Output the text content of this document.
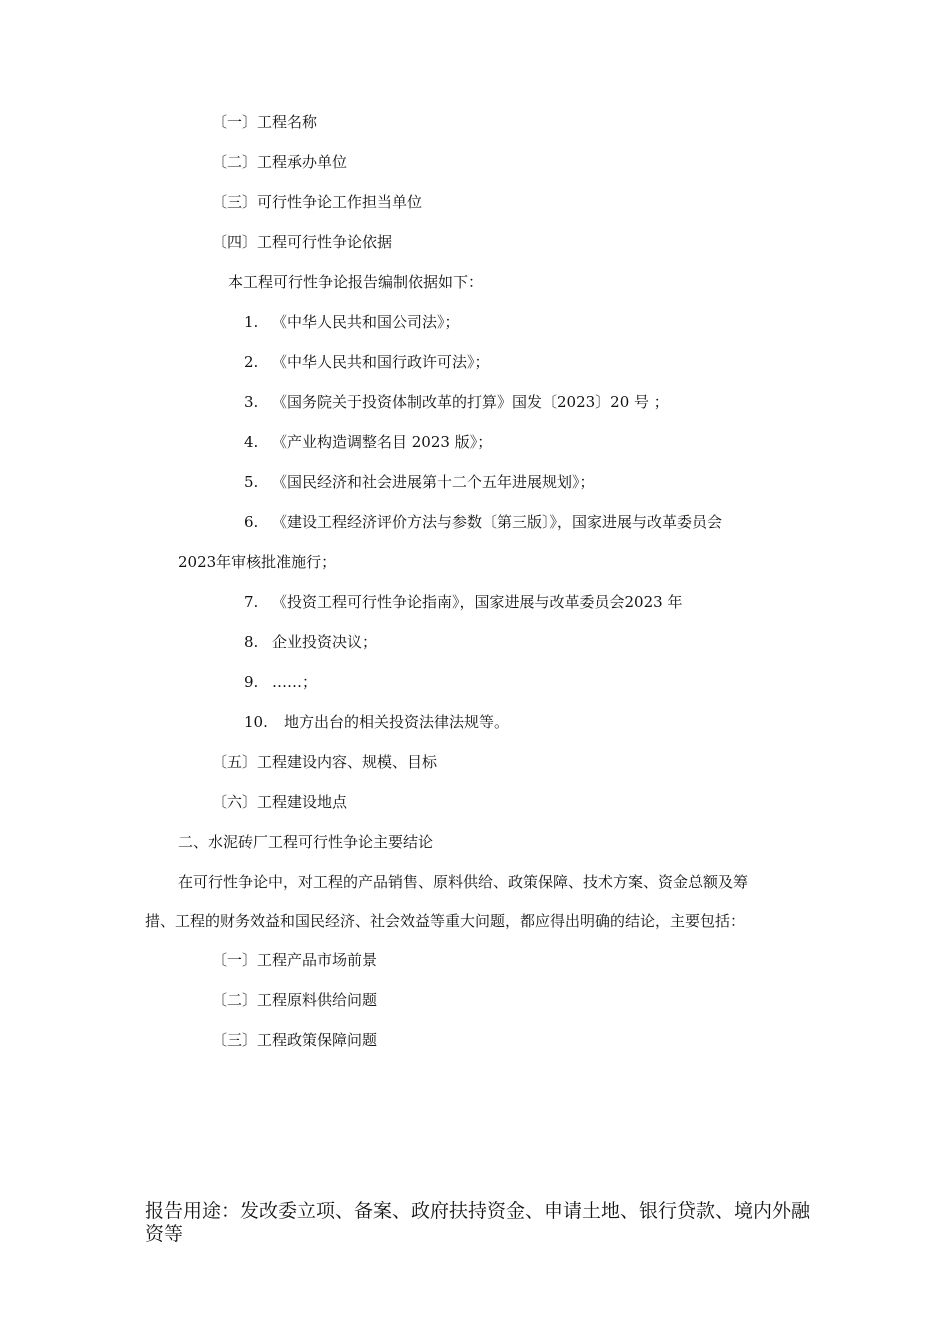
〔一〕工程名称
〔二〕工程承办单位
〔三〕可行性争论工作担当单位
〔四〕工程可行性争论依据
本工程可行性争论报告编制依据如下：
1. 《中华人民共和国公司法》；
2. 《中华人民共和国行政许可法》；
3. 《国务院关于投资体制改革的打算》国发〔2023〕20 号 ；
4. 《产业构造调整名目 2023 版》；
5. 《国民经济和社会进展第十二个五年进展规划》；
6. 《建设工程经济评价方法与参数〔第三版〕》，国家进展与改革委员会
2023年审核批准施行；
7. 《投资工程可行性争论指南》，国家进展与改革委员会2023 年
8. 企业投资决议；
9. ……；
10. 地方出台的相关投资法律法规等。
〔五〕工程建设内容、规模、目标
〔六〕工程建设地点
二、水泥砖厂工程可行性争论主要结论
在可行性争论中，对工程的产品销售、原料供给、政策保障、技术方案、资金总额及筹
措、工程的财务效益和国民经济、社会效益等重大问题，都应得出明确的结论，主要包括：
〔一〕工程产品市场前景
〔二〕工程原料供给问题
〔三〕工程政策保障问题
报告用途：发改委立项、备案、政府扶持资金、申请土地、银行贷款、境内外融资等
